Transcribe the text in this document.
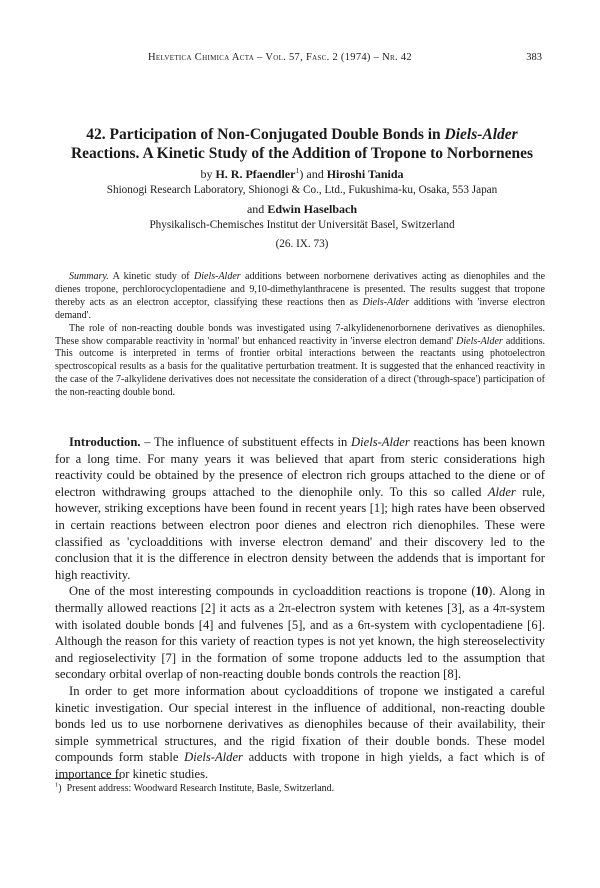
Helvetica Chimica Acta – Vol. 57, Fasc. 2 (1974) – Nr. 42	383
42. Participation of Non-Conjugated Double Bonds in Diels-Alder Reactions. A Kinetic Study of the Addition of Tropone to Norbornenes
by H. R. Pfaendler$^1$) and Hiroshi Tanida
Shionogi Research Laboratory, Shionogi & Co., Ltd., Fukushima-ku, Osaka, 553 Japan
and Edwin Haselbach
Physikalisch-Chemisches Institut der Universität Basel, Switzerland
(26. IX. 73)

Summary. A kinetic study of Diels-Alder additions between norbornene derivatives acting as dienophiles and the dienes tropone, perchlorocyclopentadiene and 9,10-dimethylanthracene is presented. The results suggest that tropone thereby acts as an electron acceptor, classifying these reactions then as Diels-Alder additions with 'inverse electron demand'.

The role of non-reacting double bonds was investigated using 7-alkylidenenorbornene derivatives as dienophiles. These show comparable reactivity in 'normal' but enhanced reactivity in 'inverse electron demand' Diels-Alder additions. This outcome is interpreted in terms of frontier orbital interactions between the reactants using photoelectron spectroscopical results as a basis for the qualitative perturbation treatment. It is suggested that the enhanced reactivity in the case of the 7-alkylidene derivatives does not necessitate the consideration of a direct ('through-space') participation of the non-reacting double bond.

Introduction. – The influence of substituent effects in Diels-Alder reactions has been known for a long time. For many years it was believed that apart from steric considerations high reactivity could be obtained by the presence of electron rich groups attached to the diene or of electron withdrawing groups attached to the dienophile only. To this so called Alder rule, however, striking exceptions have been found in recent years [1]; high rates have been observed in certain reactions between electron poor dienes and electron rich dienophiles. These were classified as 'cycloadditions with inverse electron demand' and their discovery led to the conclusion that it is the difference in electron density between the addends that is important for high reactivity.

One of the most interesting compounds in cycloaddition reactions is tropone (10). Along in thermally allowed reactions [2] it acts as a 2π-electron system with ketenes [3], as a 4π-system with isolated double bonds [4] and fulvenes [5], and as a 6π-system with cyclopentadiene [6]. Although the reason for this variety of reaction types is not yet known, the high stereoselectivity and regioselectivity [7] in the formation of some tropone adducts led to the assumption that secondary orbital overlap of non-reacting double bonds controls the reaction [8].

In order to get more information about cycloadditions of tropone we instigated a careful kinetic investigation. Our special interest in the influence of additional, non-reacting double bonds led us to use norbornene derivatives as dienophiles because of their availability, their simple symmetrical structures, and the rigid fixation of their double bonds. These model compounds form stable Diels-Alder adducts with tropone in high yields, a fact which is of importance for kinetic studies.

$^1$)  Present address: Woodward Research Institute, Basle, Switzerland.
